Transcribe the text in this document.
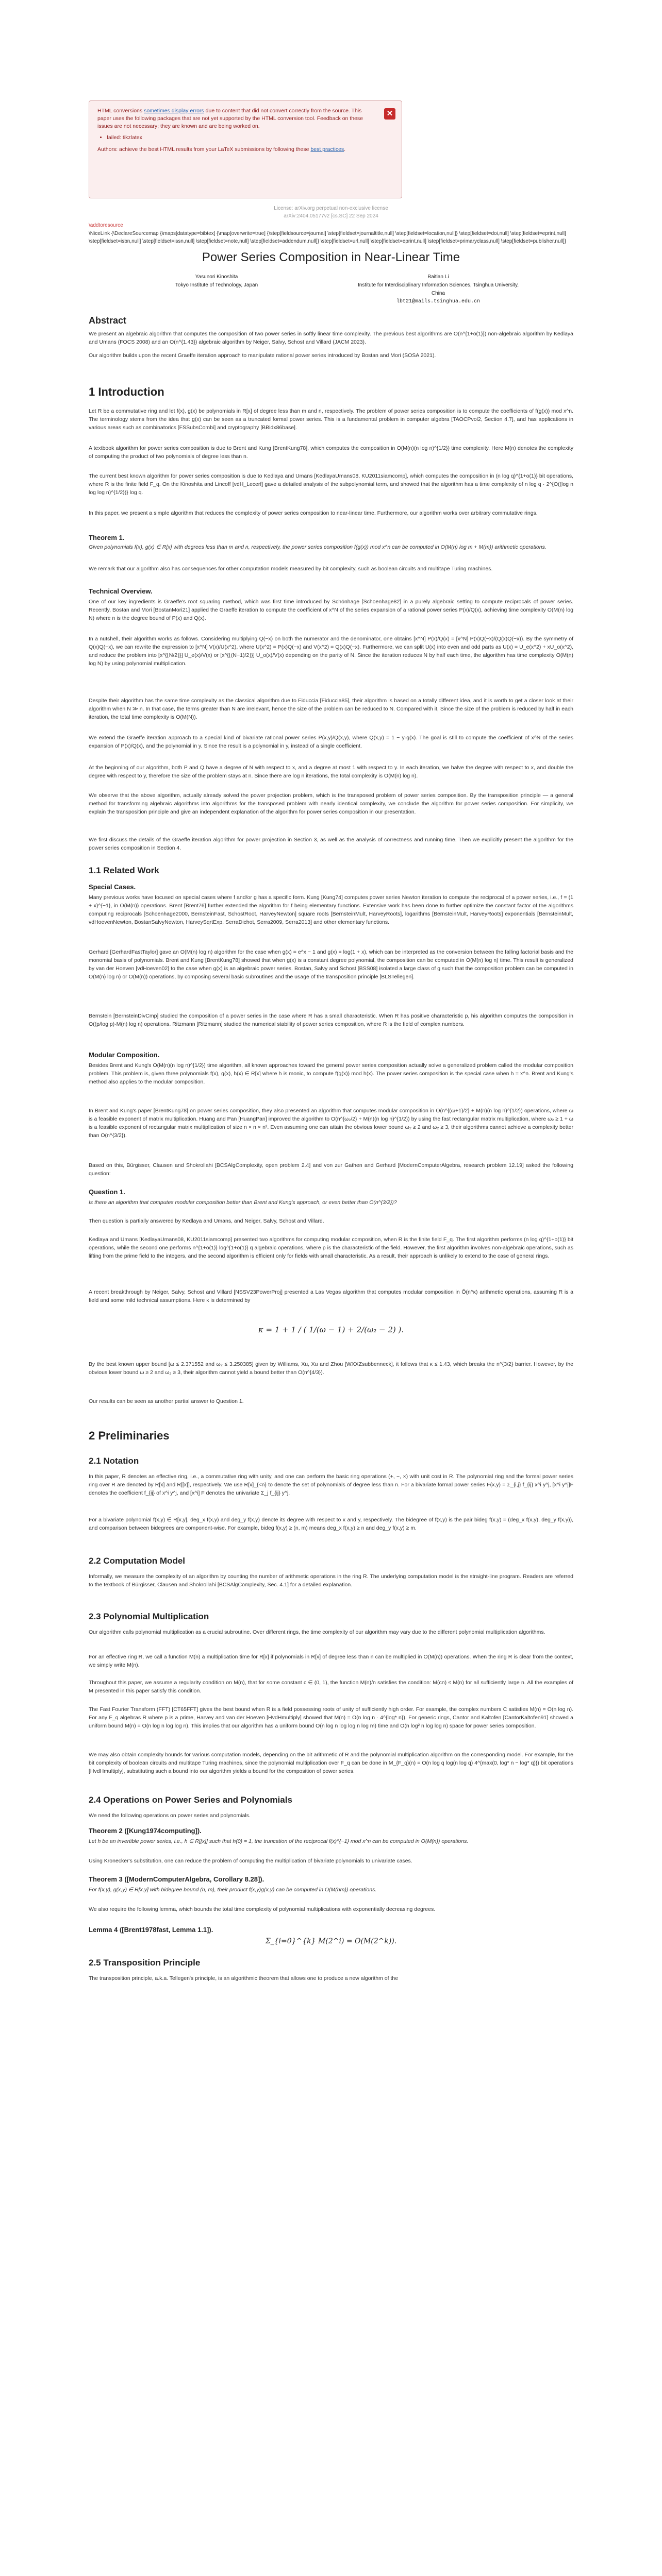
HTML conversions sometimes display errors due to content that did not convert correctly from the source. This paper uses the following packages that are not yet supported by the HTML conversion tool. Feedback on these issues are not necessary; they are known and are being worked on.
• failed: tikzlatex
Authors: achieve the best HTML results from your LaTeX submissions by following these best practices.
✕
License: arXiv.org perpetual non-exclusive license
arXiv:2404.05177v2 [cs.SC] 22 Sep 2024
\addtoresource
\NiceLink {\DeclareSourcemap {\maps[datatype=bibtex] {\map[overwrite=true] {\step[fieldsource=journal] \step[fieldset=journaltitle,null] \step[fieldset=location,null]} \step[fieldset=doi,null] \step[fieldset=eprint,null] \step[fieldset=isbn,null] \step[fieldset=issn,null] \step[fieldset=note,null] \step[fieldset=addendum,null]} \step[fieldset=url,null] \step[fieldset=eprint,null] \step[fieldset=primaryclass,null] \step[fieldset=publisher,null]}
Power Series Composition in Near-Linear Time
Yasunori Kinoshita
Tokyo Institute of Technology, Japan
Baitian Li
Institute for Interdisciplinary Information Sciences, Tsinghua University, China
lbt21@mails.tsinghua.edu.cn
Abstract

We present an algebraic algorithm that computes the composition of two power series in softly linear time complexity. The previous best algorithms are O(n^{1+o(1)}) non-algebraic algorithm by Kedlaya and Umans (FOCS 2008) and an O(n^{1.43}) algebraic algorithm by Neiger, Salvy, Schost and Villard (JACM 2023).

Our algorithm builds upon the recent Graeffe iteration approach to manipulate rational power series introduced by Bostan and Mori (SOSA 2021).

1 Introduction

Let R be a commutative ring and let f(x), g(x) be polynomials in R[x] of degree less than m and n, respectively. The problem of power series composition is to compute the coefficients of f(g(x)) mod x^n. The terminology stems from the idea that g(x) can be seen as a truncated formal power series. This is a fundamental problem in computer algebra [TAOCPvol2, Section 4.7], and has applications in various areas such as combinatorics [FSSubsCombi] and cryptography [BBidx86base].

A textbook algorithm for power series composition is due to Brent and Kung [BrentKung78], which computes the composition in O(M(n)(n log n)^{1/2}) time complexity. Here M(n) denotes the complexity of computing the product of two polynomials of degree less than n.

The current best known algorithm for power series composition is due to Kedlaya and Umans [KedlayaUmans08, KU2011siamcomp], which computes the composition in (n log q)^{1+o(1)} bit operations, where R is the finite field F_q. On the Kinoshita and Lincoff [vdH_Lecerf] gave a detailed analysis of the subpolynomial term, and showed that the algorithm has a time complexity of n log q · 2^{O((log n log log n)^{1/2})} log q.

In this paper, we present a simple algorithm that reduces the complexity of power series composition to near-linear time. Furthermore, our algorithm works over arbitrary commutative rings.

Theorem 1.

Given polynomials f(x), g(x) ∈ R[x] with degrees less than m and n, respectively, the power series composition f(g(x)) mod x^n can be computed in O(M(n) log m + M(m)) arithmetic operations.

We remark that our algorithm also has consequences for other computation models measured by bit complexity, such as boolean circuits and multitape Turing machines.

Technical Overview.

One of our key ingredients is Graeffe's root squaring method, which was first time introduced by Schönhage [Schoenhage82] in a purely algebraic setting to compute reciprocals of power series. Recently, Bostan and Mori [BostanMori21] applied the Graeffe iteration to compute the coefficient of x^N of the series expansion of a rational power series P(x)/Q(x), achieving time complexity O(M(n) log N) where n is the degree bound of P(x) and Q(x).

In a nutshell, their algorithm works as follows. Considering multiplying Q(−x) on both the numerator and the denominator, one obtains [x^N] P(x)/Q(x) = [x^N] P(x)Q(−x)/(Q(x)Q(−x)). By the symmetry of Q(x)Q(−x), we can rewrite the expression to [x^N] V(x)/U(x^2), where U(x^2) = P(x)Q(−x) and V(x^2) = Q(x)Q(−x). Furthermore, we can split U(x) into even and odd parts as U(x) = U_e(x^2) + xU_o(x^2), and reduce the problem into [x^{⌊N/2⌋}] U_e(x)/V(x) or [x^{⌊(N−1)/2⌋}] U_o(x)/V(x) depending on the parity of N. Since the iteration reduces N by half each time, the algorithm has time complexity O(M(n) log N) by using polynomial multiplication.

Despite their algorithm has the same time complexity as the classical algorithm due to Fiduccia [Fiduccia85], their algorithm is based on a totally different idea, and it is worth to get a closer look at their algorithm when N ≫ n. In that case, the terms greater than N are irrelevant, hence the size of the problem can be reduced to N. Compared with it, Since the size of the problem is reduced by half in each iteration, the total time complexity is O(M(N)).

We extend the Graeffe iteration approach to a special kind of bivariate rational power series P(x,y)/Q(x,y), where Q(x,y) = 1 − y·g(x). The goal is still to compute the coefficient of x^N of the series expansion of P(x)/Q(x), and the polynomial in y. Since the result is a polynomial in y, instead of a single coefficient.

At the beginning of our algorithm, both P and Q have a degree of N with respect to x, and a degree at most 1 with respect to y. In each iteration, we halve the degree with respect to x, and double the degree with respect to y, therefore the size of the problem stays at n. Since there are log n iterations, the total complexity is O(M(n) log n).

We observe that the above algorithm, actually already solved the power projection problem, which is the transposed problem of power series composition. By the transposition principle — a general method for transforming algebraic algorithms into algorithms for the transposed problem with nearly identical complexity, we conclude the algorithm for power series composition. For simplicity, we explain the transposition principle and give an independent explanation of the algorithm for power series composition in our presentation.

We first discuss the details of the Graeffe iteration algorithm for power projection in Section 3, as well as the analysis of correctness and running time. Then we explicitly present the algorithm for the power series composition in Section 4.

1.1 Related Work
Special Cases.

Many previous works have focused on special cases where f and/or g has a specific form. Kung [Kung74] computes power series Newton iteration to compute the reciprocal of a power series, i.e., f = (1 + x)^{−1}, in O(M(n)) operations. Brent [Brent76] further extended the algorithm for f being elementary functions. Extensive work has been done to further optimize the constant factor of the algorithms computing reciprocals [Schoenhage2000, BernsteinFast, SchostRoot, HarveyNewton] square roots [BernsteinMult, HarveyRoots], logarithms [BernsteinMult, HarveyRoots] exponentials [BernsteinMult, vdHoevenNewton, BostanSalvyNewton, HarveySqrtExp, SerraDichot, Serra2009, Serra2013] and other elementary functions.

Gerhard [GerhardFastTaylor] gave an O(M(n) log n) algorithm for the case when g(x) = e^x − 1 and g(x) = log(1 + x), which can be interpreted as the conversion between the falling factorial basis and the monomial basis of polynomials. Brent and Kung [BrentKung78] showed that when g(x) is a constant degree polynomial, the composition can be computed in O(M(n) log n) time. This result is generalized by van der Hoeven [vdHoeven02] to the case when g(x) is an algebraic power series. Bostan, Salvy and Schost [BSS08] isolated a large class of g such that the composition problem can be computed in O(M(n) log n) or O(M(n)) operations, by composing several basic subroutines and the usage of the transposition principle [BLSTellegen].

Bernstein [BernsteinDivCmp] studied the composition of a power series in the case where R has a small characteristic. When R has positive characteristic p, his algorithm computes the composition in O((p/log p)·M(n) log n) operations. Ritzmann [Ritzmann] studied the numerical stability of power series composition, where R is the field of complex numbers.

Modular Composition.

Besides Brent and Kung's O(M(n)(n log n)^{1/2}) time algorithm, all known approaches toward the general power series composition actually solve a generalized problem called the modular composition problem. This problem is, given three polynomials f(x), g(x), h(x) ∈ R[x] where h is monic, to compute f(g(x)) mod h(x). The power series composition is the special case when h = x^n. Brent and Kung's method also applies to the modular composition.

In Brent and Kung's paper [BrentKung78] on power series composition, they also presented an algorithm that computes modular composition in O(n^{(ω+1)/2} + M(n)(n log n)^{1/2}) operations, where ω is a feasible exponent of matrix multiplication. Huang and Pan [HuangPan] improved the algorithm to O(n^{ω₂/2} + M(n)(n log n)^{1/2}) by using the fast rectangular matrix multiplication, where ω₂ ≥ 1 + ω is a feasible exponent of rectangular matrix multiplication of size n × n × n². Even assuming one can attain the obvious lower bound ω₂ ≥ 2 and ω₂ ≥ 3, their algorithms cannot achieve a complexity better than O(n^{3/2}).

Based on this, Bürgisser, Clausen and Shokrollahi [BCSAlgComplexity, open problem 2.4] and von zur Gathen and Gerhard [ModernComputerAlgebra, research problem 12.19] asked the following question:

Question 1.

Is there an algorithm that computes modular composition better than Brent and Kung's approach, or even better than O(n^{3/2})?

Then question is partially answered by Kedlaya and Umans, and Neiger, Salvy, Schost and Villard.

Kedlaya and Umans [KedlayaUmans08, KU2011siamcomp] presented two algorithms for computing modular composition, when R is the finite field F_q. The first algorithm performs (n log q)^{1+o(1)} bit operations, while the second one performs n^{1+o(1)} log^{1+o(1)} q algebraic operations, where p is the characteristic of the field. However, the first algorithm involves non-algebraic operations, such as lifting from the prime field to the integers, and the second algorithm is efficient only for fields with small characteristic. As a result, their approach is unlikely to extend to the case of general rings.

A recent breakthrough by Neiger, Salvy, Schost and Villard [NSSV23PowerProj] presented a Las Vegas algorithm that computes modular composition in Õ(n^κ) arithmetic operations, assuming R is a field and some mild technical assumptions. Here κ is determined by

κ = 1 + 1 / ( 1/(ω − 1) + 2/(ω₂ − 2) ).

By the best known upper bound [ω ≤ 2.371552 and ω₂ ≤ 3.250385] given by Williams, Xu, Xu and Zhou [WXXZsubbenneck], it follows that κ ≤ 1.43, which breaks the n^{3/2} barrier. However, by the obvious lower bound ω ≥ 2 and ω₂ ≥ 3, their algorithm cannot yield a bound better than O(n^{4/3}).

Our results can be seen as another partial answer to Question 1.

2 Preliminaries
2.1 Notation

In this paper, R denotes an effective ring, i.e., a commutative ring with unity, and one can perform the basic ring operations (+, −, ×) with unit cost in R. The polynomial ring and the formal power series ring over R are denoted by R[x] and R[[x]], respectively. We use R[x]_{<n} to denote the set of polynomials of degree less than n. For a bivariate formal power series F(x,y) = Σ_{i,j} f_{ij} x^i y^j, [x^i y^j]F denotes the coefficient f_{ij} of x^i y^j, and [x^i] F denotes the univariate Σ_j f_{ij} y^j.

For a bivariate polynomial f(x,y) ∈ R[x,y], deg_x f(x,y) and deg_y f(x,y) denote its degree with respect to x and y, respectively. The bidegree of f(x,y) is the pair bideg f(x,y) = (deg_x f(x,y), deg_y f(x,y)), and comparison between bidegrees are component-wise. For example, bideg f(x,y) ≥ (n, m) means deg_x f(x,y) ≥ n and deg_y f(x,y) ≥ m.

2.2 Computation Model

Informally, we measure the complexity of an algorithm by counting the number of arithmetic operations in the ring R. The underlying computation model is the straight-line program. Readers are referred to the textbook of Bürgisser, Clausen and Shokrollahi [BCSAlgComplexity, Sec. 4.1] for a detailed explanation.

2.3 Polynomial Multiplication

Our algorithm calls polynomial multiplication as a crucial subroutine. Over different rings, the time complexity of our algorithm may vary due to the different polynomial multiplication algorithms.

For an effective ring R, we call a function M(n) a multiplication time for R[x] if polynomials in R[x] of degree less than n can be multiplied in O(M(n)) operations. When the ring R is clear from the context, we simply write M(n).

Throughout this paper, we assume a regularity condition on M(n), that for some constant c ∈ (0, 1), the function M(n)/n satisfies the condition: M(cn) ≤ M(n) for all sufficiently large n. All the examples of M presented in this paper satisfy this condition.

The Fast Fourier Transform (FFT) [CT65FFT] gives the best bound when R is a field possessing roots of unity of sufficiently high order. For example, the complex numbers C satisfies M(n) = O(n log n). For any F_q algebras R where p is a prime, Harvey and van der Hoeven [HvdHmultiply] showed that M(n) = O(n log n · 4^{log* n}). For generic rings, Cantor and Kaltofen [CantorKaltofen91] showed a uniform bound M(n) = O(n log n log log n). This implies that our algorithm has a uniform bound O(n log n log log n log m) time and O(n log² n log log n) space for power series composition.

We may also obtain complexity bounds for various computation models, depending on the bit arithmetic of R and the polynomial multiplication algorithm on the corresponding model. For example, for the bit complexity of boolean circuits and multitape Turing machines, since the polynomial multiplication over F_q can be done in M_{F_q}(n) = O(n log q log(n log q) 4^{max(0, log* n − log* q)}) bit operations [HvdHmultiply], substituting such a bound into our algorithm yields a bound for the composition of power series.

2.4 Operations on Power Series and Polynomials

We need the following operations on power series and polynomials.

Theorem 2 ([Kung1974computing]).

Let h be an invertible power series, i.e., h ∈ R[[x]] such that h(0) = 1, the truncation of the reciprocal f(x)^{−1} mod x^n can be computed in O(M(n)) operations.

Using Kronecker's substitution, one can reduce the problem of computing the multiplication of bivariate polynomials to univariate cases.

Theorem 3 ([ModernComputerAlgebra, Corollary 8.28]).

For f(x,y), g(x,y) ∈ R[x,y] with bidegree bound (n, m), their product f(x,y)g(x,y) can be computed in O(M(nm)) operations.

We also require the following lemma, which bounds the total time complexity of polynomial multiplications with exponentially decreasing degrees.

Lemma 4 ([Brent1978fast, Lemma 1.1]).
Σ_{i=0}^{k} M(2^i) = O(M(2^k)).
2.5 Transposition Principle

The transposition principle, a.k.a. Tellegen's principle, is an algorithmic theorem that allows one to produce a new algorithm of the
